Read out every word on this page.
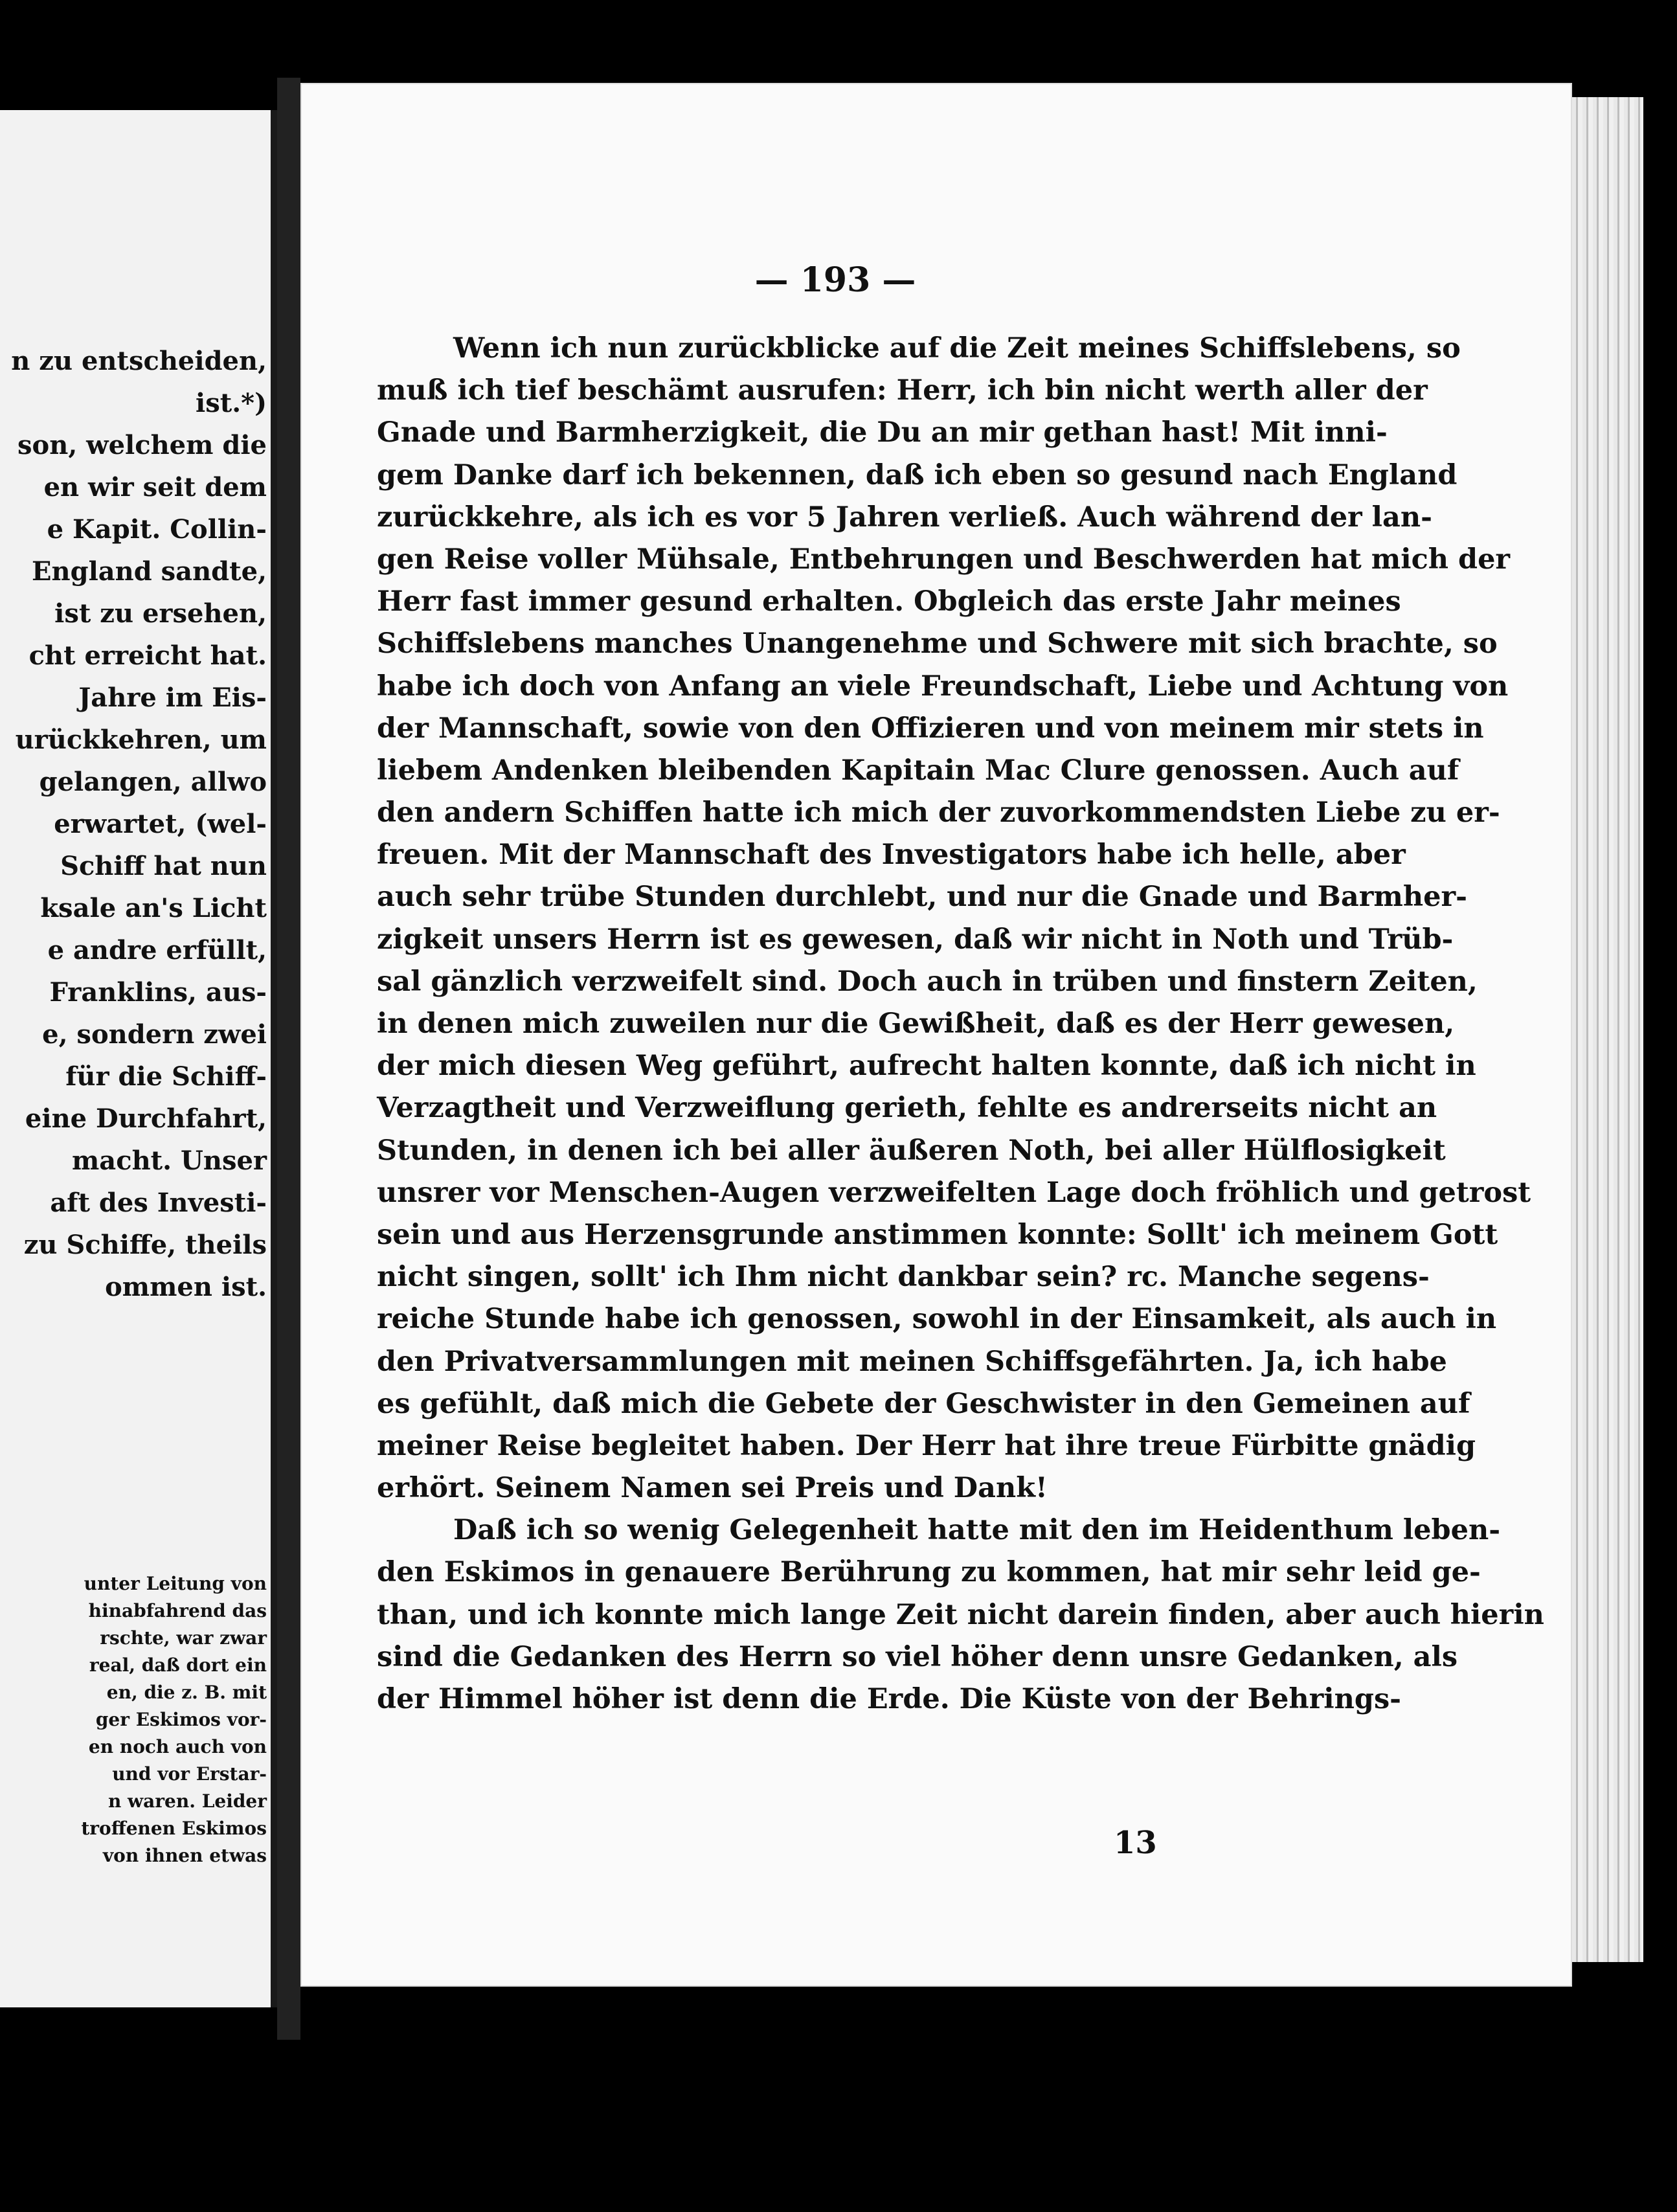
n zu entscheiden,
ist.*)
son, welchem die
en wir seit dem
e Kapit. Collin-
England sandte,
ist zu ersehen,
cht erreicht hat.
Jahre im Eis-
urückkehren, um
gelangen, allwo
erwartet, (wel-
Schiff hat nun
ksale an's Licht
e andre erfüllt,
Franklins, aus-
e, sondern zwei
für die Schiff-
eine Durchfahrt,
macht. Unser
aft des Investi-
zu Schiffe, theils
ommen ist.
unter Leitung von
hinabfahrend das
rschte, war zwar
real, daß dort ein
en, die z. B. mit
ger Eskimos vor-
en noch auch von
und vor Erstar-
n waren. Leider
troffenen Eskimos
von ihnen etwas
— 193 —
Wenn ich nun zurückblicke auf die Zeit meines Schiffslebens, so
muß ich tief beschämt ausrufen: Herr, ich bin nicht werth aller der
Gnade und Barmherzigkeit, die Du an mir gethan hast! Mit inni-
gem Danke darf ich bekennen, daß ich eben so gesund nach England
zurückkehre, als ich es vor 5 Jahren verließ. Auch während der lan-
gen Reise voller Mühsale, Entbehrungen und Beschwerden hat mich der
Herr fast immer gesund erhalten. Obgleich das erste Jahr meines
Schiffslebens manches Unangenehme und Schwere mit sich brachte, so
habe ich doch von Anfang an viele Freundschaft, Liebe und Achtung von
der Mannschaft, sowie von den Offizieren und von meinem mir stets in
liebem Andenken bleibenden Kapitain Mac Clure genossen. Auch auf
den andern Schiffen hatte ich mich der zuvorkommendsten Liebe zu er-
freuen. Mit der Mannschaft des Investigators habe ich helle, aber
auch sehr trübe Stunden durchlebt, und nur die Gnade und Barmher-
zigkeit unsers Herrn ist es gewesen, daß wir nicht in Noth und Trüb-
sal gänzlich verzweifelt sind. Doch auch in trüben und finstern Zeiten,
in denen mich zuweilen nur die Gewißheit, daß es der Herr gewesen,
der mich diesen Weg geführt, aufrecht halten konnte, daß ich nicht in
Verzagtheit und Verzweiflung gerieth, fehlte es andrerseits nicht an
Stunden, in denen ich bei aller äußeren Noth, bei aller Hülflosigkeit
unsrer vor Menschen-Augen verzweifelten Lage doch fröhlich und getrost
sein und aus Herzensgrunde anstimmen konnte: Sollt' ich meinem Gott
nicht singen, sollt' ich Ihm nicht dankbar sein? rc. Manche segens-
reiche Stunde habe ich genossen, sowohl in der Einsamkeit, als auch in
den Privatversammlungen mit meinen Schiffsgefährten. Ja, ich habe
es gefühlt, daß mich die Gebete der Geschwister in den Gemeinen auf
meiner Reise begleitet haben. Der Herr hat ihre treue Fürbitte gnädig
erhört. Seinem Namen sei Preis und Dank!
Daß ich so wenig Gelegenheit hatte mit den im Heidenthum leben-
den Eskimos in genauere Berührung zu kommen, hat mir sehr leid ge-
than, und ich konnte mich lange Zeit nicht darein finden, aber auch hierin
sind die Gedanken des Herrn so viel höher denn unsre Gedanken, als
der Himmel höher ist denn die Erde. Die Küste von der Behrings-
13
